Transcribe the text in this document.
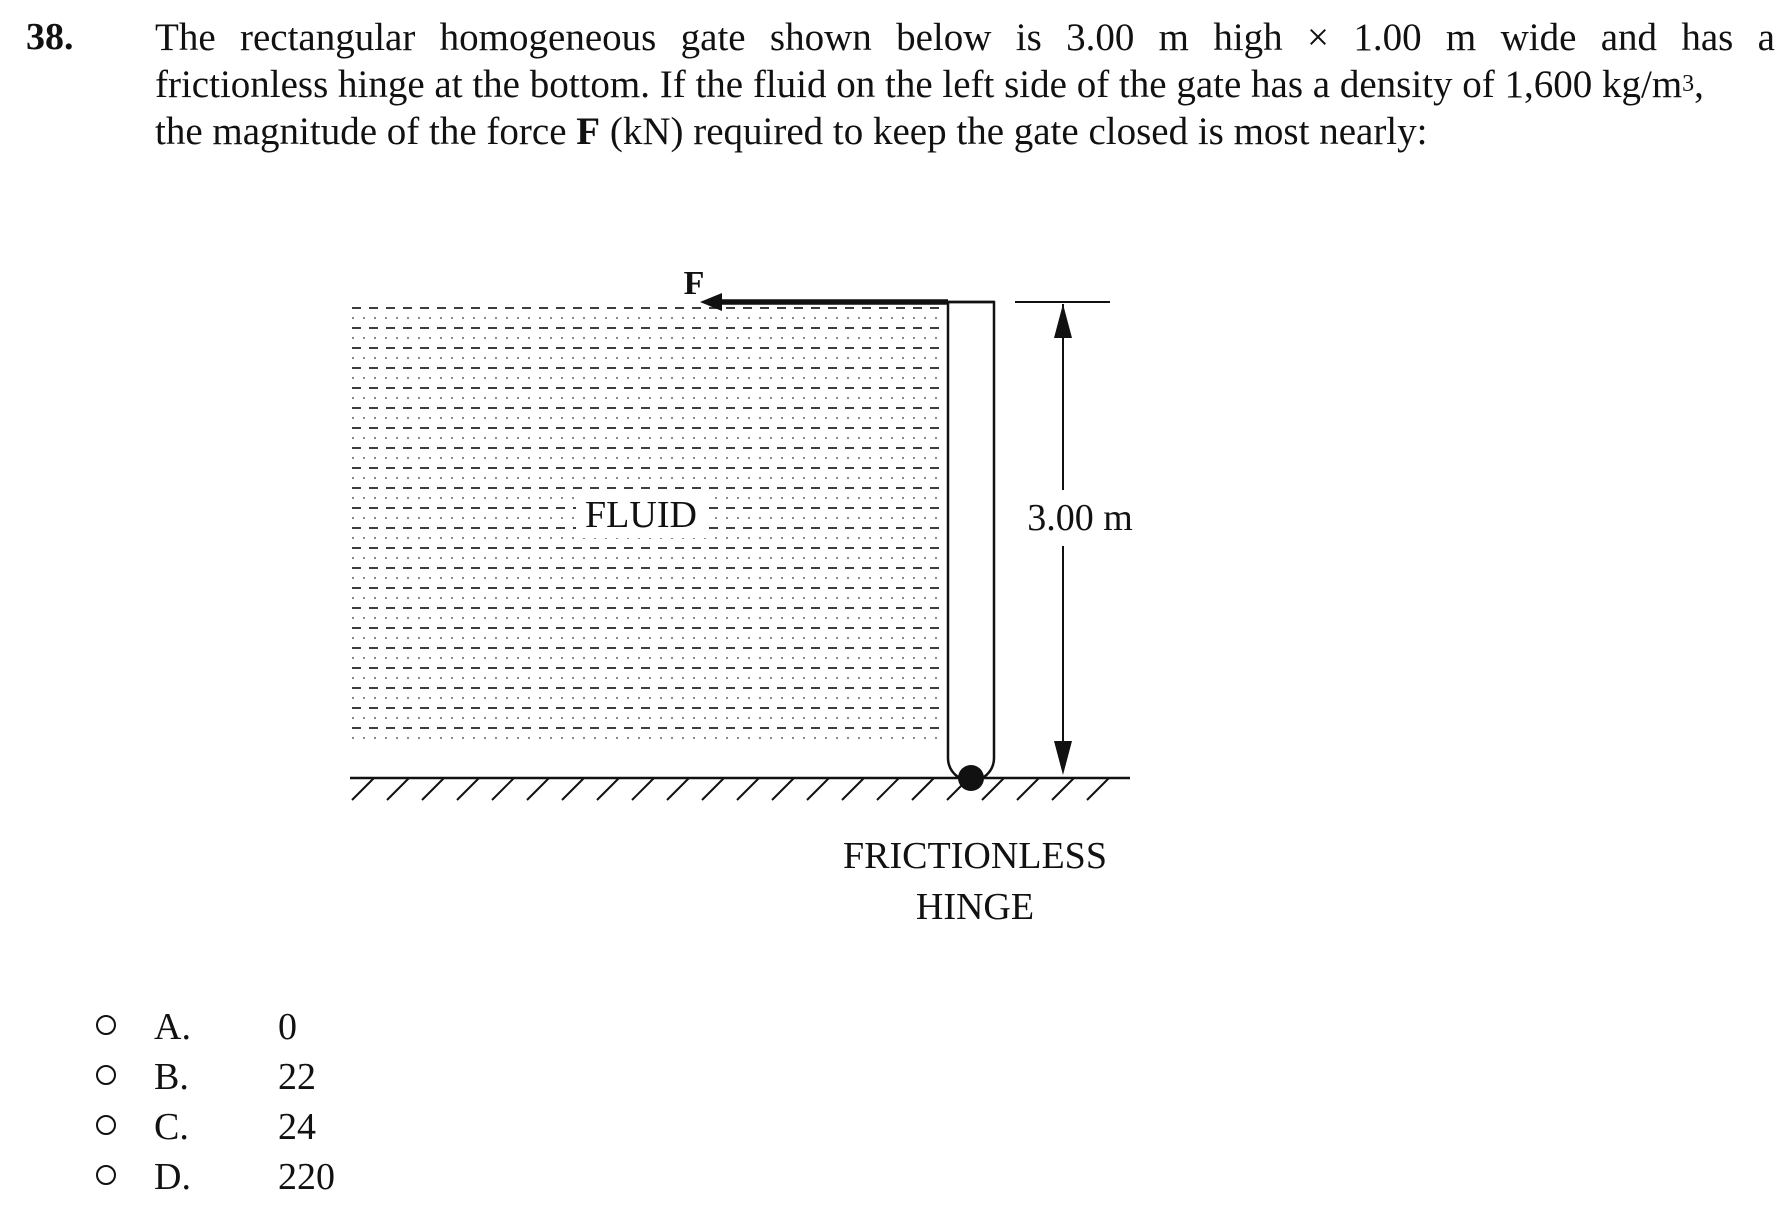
38. The rectangular homogeneous gate shown below is 3.00 m high × 1.00 m wide and has a
frictionless hinge at the bottom. If the fluid on the left side of the gate has a density of 1,600 $kg/m^3$,
the magnitude of the force F (kN) required to keep the gate closed is most nearly:
F
3.00 m
FLUID
FRICTIONLESS
HINGE
A. 0
B. 22
C. 24
D. 220
